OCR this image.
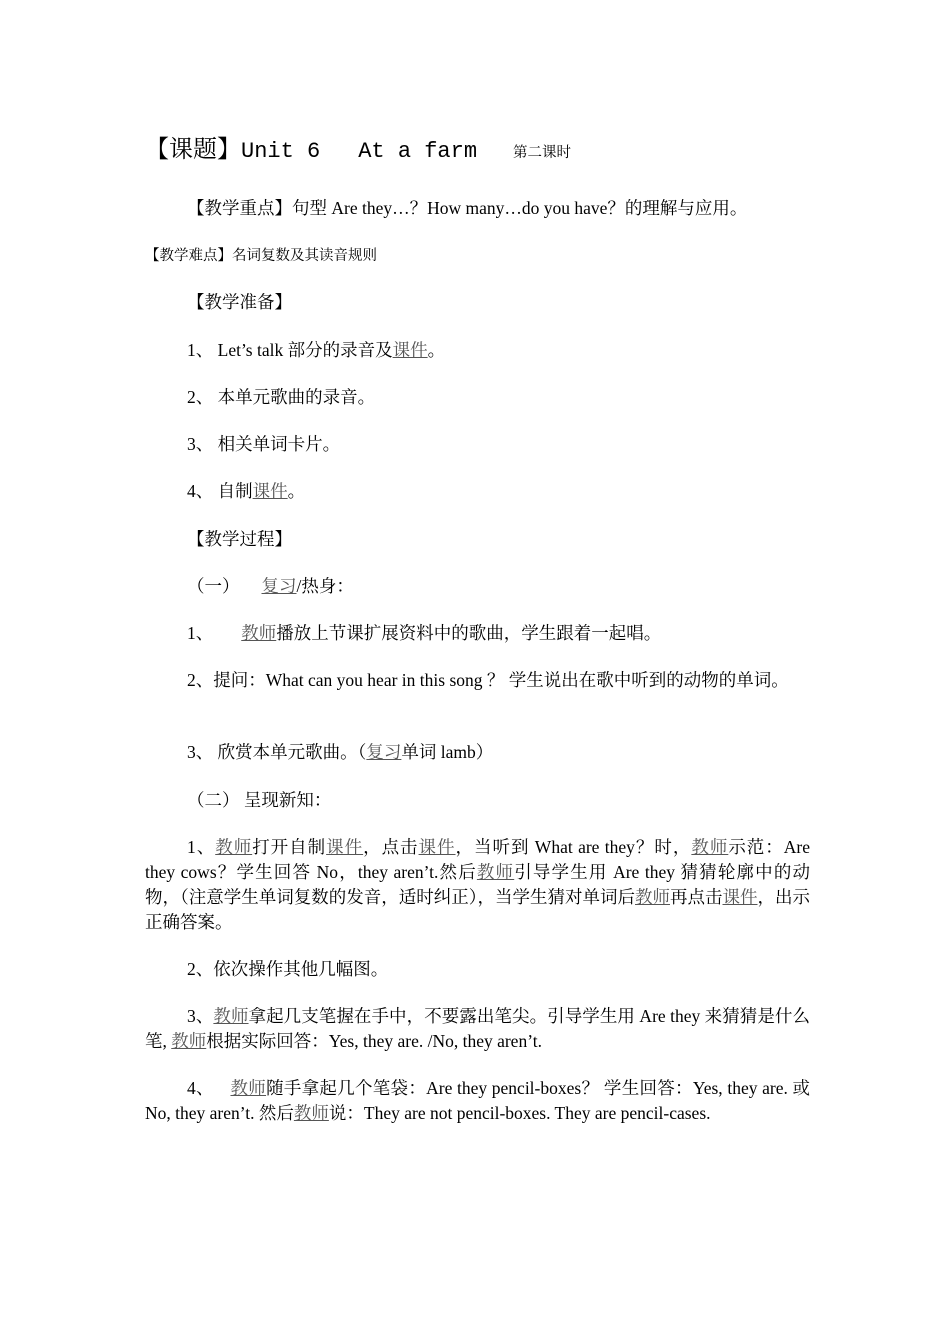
【课题】Unit 6 At a farm 第二课时
【教学重点】句型 Are they…？How many…do you have？的理解与应用。
【教学难点】名词复数及其读音规则
【教学准备】
1、 Let’s talk 部分的录音及课件。
2、 本单元歌曲的录音。
3、 相关单词卡片。
4、 自制课件。
【教学过程】
（一） 复习/热身：
1、 教师播放上节课扩展资料中的歌曲，学生跟着一起唱。
2、提问：What can you hear in this song ？ 学生说出在歌中听到的动物的单词。
3、 欣赏本单元歌曲。（复习单词 lamb）
（二） 呈现新知：
1、教师打开自制课件，点击课件，当听到 What are they？时，教师示范：Are they cows？学生回答 No，they aren’t.然后教师引导学生用 Are they 猜猜轮廓中的动物，（注意学生单词复数的发音，适时纠正），当学生猜对单词后教师再点击课件，出示正确答案。
2、依次操作其他几幅图。
3、教师拿起几支笔握在手中，不要露出笔尖。引导学生用 Are they 来猜猜是什么笔, 教师根据实际回答：Yes, they are. /No, they aren’t.
4、 教师随手拿起几个笔袋：Are they pencil-boxes？ 学生回答：Yes, they are. 或 No, they aren’t. 然后教师说：They are not pencil-boxes. They are pencil-cases.
